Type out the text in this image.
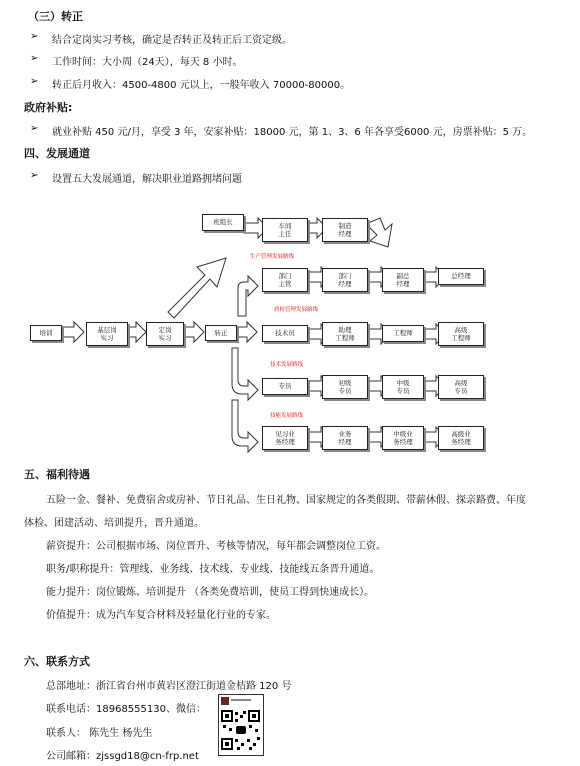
（三）转正
➢ 结合定岗实习考核，确定是否转正及转正后工资定级。
➢ 工作时间：大小周（24天），每天 8 小时。
➢ 转正后月收入：4500-4800 元以上，一般年收入 70000-80000。
政府补贴:
➢ 就业补贴 450 元/月，享受 3 年，安家补贴：18000 元，第 1、3、6 年各享受6000 元，房票补贴：5 万。
四、发展通道
➢ 设置五大发展通道，解决职业道路拥堵问题
班组长	车间
主任
制造
经理
生产管理发展路线
部门
主管
部门
经理
副总
经理
总经理
质检管理发展路线
培训	基层岗
实习
定岗
实习
转正	技术员	助理
工程师
工程师	高级
工程师
技术发展路线
专员	初级
专员
中级
专员
高级
专员
技能发展路线
见习业
务经理
业务
经理
中级业
务经理
高级业
务经理
五、福利待遇
五险一金、餐补、免费宿舍或房补、节日礼品、生日礼物、国家规定的各类假期、带薪休假、探亲路费、年度
体检、团建活动、培训提升，晋升通道。
薪资提升：公司根据市场、岗位晋升、考核等情况，每年都会调整岗位工资。
职务/职称提升：管理线、业务线、技术线、专业线、技能线五条晋升通道。
能力提升：岗位锻炼、培训提升 （各类免费培训，使员工得到快速成长）。
价值提升：成为汽车复合材料及轻量化行业的专家。
六、联系方式
总部地址：浙江省台州市黄岩区澄江街道金桔路 120 号
联系电话：18968555130、微信：
联系人： 陈先生 杨先生
公司邮箱：zjssgd18@cn-frp.net
